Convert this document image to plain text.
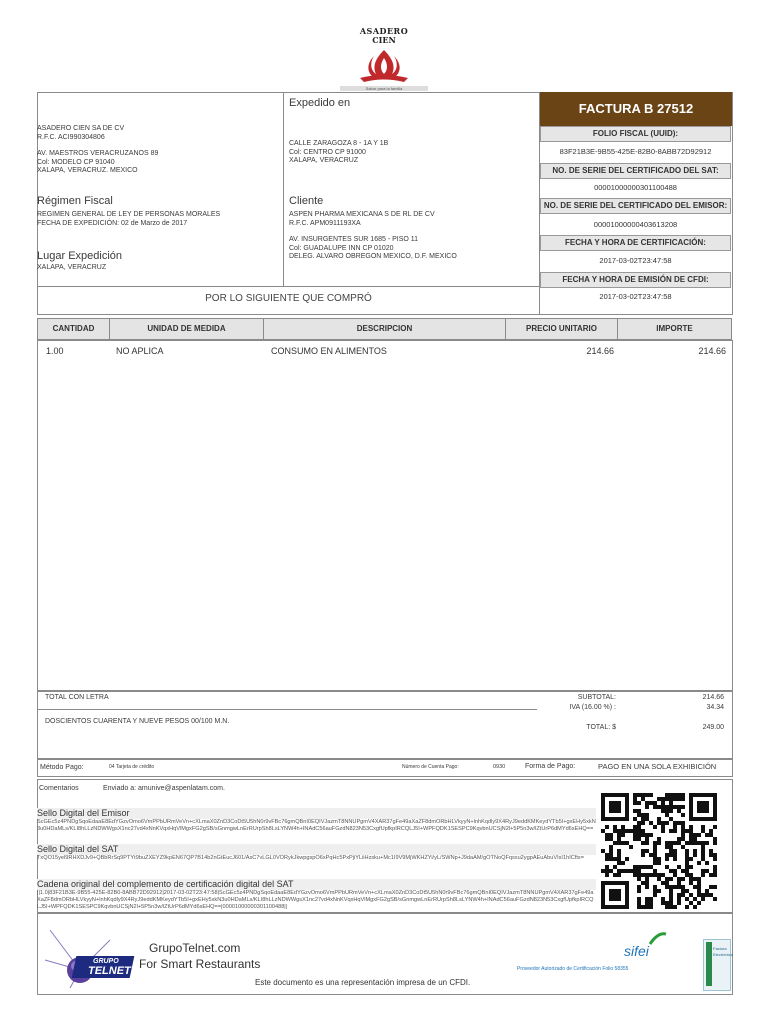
ASADERO
CIEN
Sabor para la familia
FACTURA B 27512
FOLIO FISCAL (UUID):
83F21B3E-9B55-425E-82B0-8ABB72D92912
NO. DE SERIE DEL CERTIFICADO DEL SAT:
00001000000301100488
NO. DE SERIE DEL CERTIFICADO DEL EMISOR:
00001000000403613208
FECHA Y HORA DE CERTIFICACIÓN:
2017-03-02T23:47:58
FECHA Y HORA DE EMISIÓN DE CFDI:
2017-03-02T23:47:58
ASADERO CIEN SA DE CV
R.F.C. ACI990304806
AV. MAESTROS VERACRUZANOS 89
Col: MODELO CP 91040
XALAPA, VERACRUZ. MEXICO
Expedido en
CALLE ZARAGOZA 8 - 1A Y 1B
Col: CENTRO CP 91000
XALAPA, VERACRUZ
Régimen Fiscal
REGIMEN GENERAL DE LEY DE PERSONAS MORALES
FECHA DE EXPEDICIÓN: 02 de Marzo de 2017
Cliente
ASPEN PHARMA MEXICANA S DE RL DE CV
R.F.C. APM0911193XA
AV. INSURGENTES SUR 1685 - PISO 11
Col: GUADALUPE INN CP 01020
DELEG. ALVARO OBREGON MEXICO, D.F. MEXICO
Lugar Expedición
XALAPA, VERACRUZ
POR LO SIGUIENTE QUE COMPRÓ
CANTIDAD	UNIDAD DE MEDIDA	DESCRIPCION	PRECIO UNITARIO	IMPORTE
1.00	NO APLICA	CONSUMO EN ALIMENTOS	214.66	214.66
TOTAL CON LETRA
DOSCIENTOS CUARENTA Y NUEVE PESOS 00/100 M.N.
SUBTOTAL:	214.66
IVA (16.00 %) :	34.34
TOTAL: $	249.00
Método Pago:	04 Tarjeta de crédito	Número de Cuenta Pago:	0930	Forma de Pago:	PAGO EN UNA SOLA EXHIBICIÓN
Comentarios	Enviado a: amunive@aspenlatam.com.
Sello Digital del Emisor
ScGEc5z4PNDgSqoEdaaE8EdYGzvOmo6VmPPbURmVeVn+cXLmaX0ZnD3CoDt5U5hN0r9vFBc76gmQBnI0EQIVJazmT8NNUPgmV4XAR37gFe49aXaZF8dmORbHLVkyyN+lnhKqdly9X4RyJ9eddKMKeydYTb5I+gxEHy5xkN3u0HDaMLs/KLI8hLLzNDWWgsX1nc27vd4xNnKVqxHqVlMgxFG2gSB/sGnmgwLnErRUrpSh8LsLYNW4h+INAdC56auFGzdN823N53CxgfUpfkpIRCQLJ5I+WPFQDK1SESPC9KqvbnUCSjN2l+5P5n3w/lZtUrP6dMYd6sEHQ==
Sello Digital del SAT
TxQO15yel9RHXDJv9+QBbRrSq9PTYt9buZXEYZ9kpEN67QP7B14b2nGtEucJ601/AsC7vLGL0VORykJkwpgspO6xPqHc5PxPjiYLiiHzsku+Mc1I9V9MjWKHZYi/yL/SWNp+J9daAM/gOTNoQFqsxu2ygpAEuAbuVIsI1hICfts=
Cadena original del complemento de certificación digital del SAT
||1.0|83F21B3E-9B55-425E-82B0-8ABB72D92912|2017-03-02T23:47:58|ScGEc5z4PNDgSqoEdaaE8EdYGzvOmo6VmPPbURmVeVn+cXLmaX0ZnD3CoDt5U5hN0r9vFBc76gmQBnI0EQIVJazmT8NNUPgmV4XAR37gFe49aXaZF8dmORbHLVkyyN+lnhKqdly9X4RyJ9eddKMKeydYTb5I+gxEHy5xkN3u0HDaMLs/KLI8hLLzNDWWgsX1nc27vd4xNnKVqxHqVlMgxFG2gSB/sGnmgwLnErRUrpSh8LsLYNW4h+INAdC56auFGzdN823N53CxgfUpfkpIRCQLJ5I+WPFQDK1SESPC9KqvbnUCSjN2l+5P5n3w/lZtUrP6dMYd6sEHQ==|00001000000301100488||
GRUPO
TELNET
GrupoTelnet.com
For Smart Restaurants
Este documento es una representación impresa de un CFDI.
sifei
Proveedor Autorizado de Certificación Folio 58355
Factura
Electrónica
